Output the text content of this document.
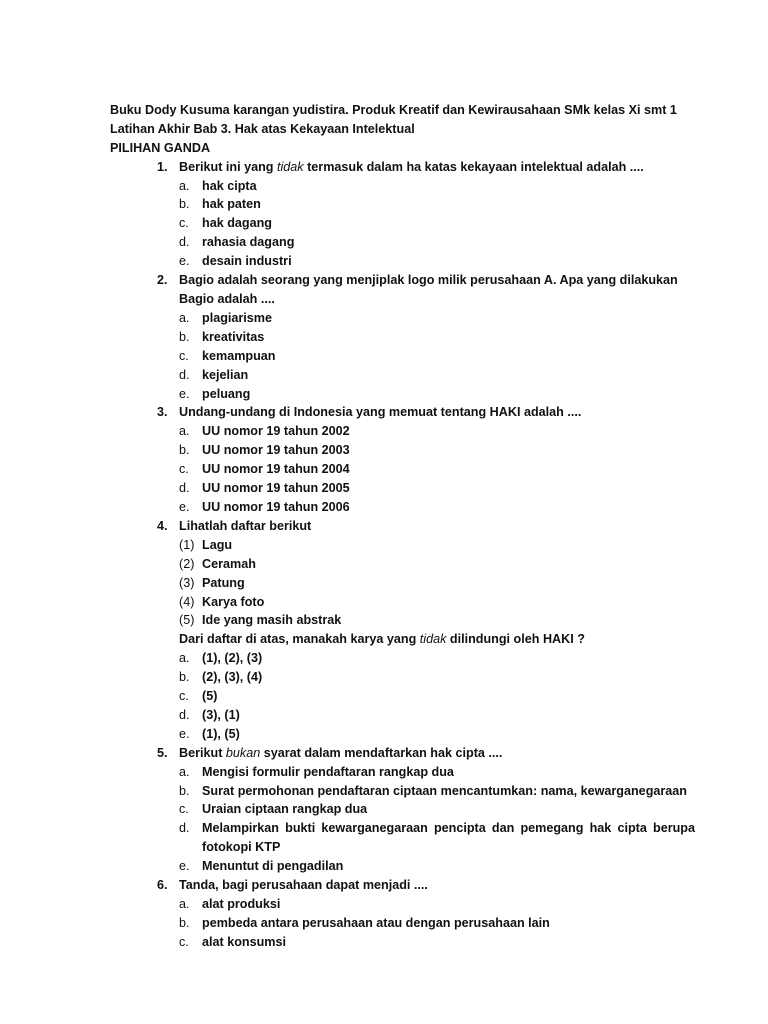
Buku Dody Kusuma karangan yudistira. Produk Kreatif dan Kewirausahaan SMk kelas Xi smt 1
Latihan Akhir Bab 3. Hak atas Kekayaan Intelektual
PILIHAN GANDA
1. Berikut ini yang tidak termasuk dalam ha katas kekayaan intelektual adalah ....
a. hak cipta
b. hak paten
c. hak dagang
d. rahasia dagang
e. desain industri
2. Bagio adalah seorang yang menjiplak logo milik perusahaan A. Apa yang dilakukan Bagio adalah ....
a. plagiarisme
b. kreativitas
c. kemampuan
d. kejelian
e. peluang
3. Undang-undang di Indonesia yang memuat tentang HAKI adalah ....
a. UU nomor 19 tahun 2002
b. UU nomor 19 tahun 2003
c. UU nomor 19 tahun 2004
d. UU nomor 19 tahun 2005
e. UU nomor 19 tahun 2006
4. Lihatlah daftar berikut
(1) Lagu
(2) Ceramah
(3) Patung
(4) Karya foto
(5) Ide yang masih abstrak
Dari daftar di atas, manakah karya yang tidak dilindungi oleh HAKI ?
a. (1), (2), (3)
b. (2), (3), (4)
c. (5)
d. (3), (1)
e. (1), (5)
5. Berikut bukan syarat dalam mendaftarkan hak cipta ....
a. Mengisi formulir pendaftaran rangkap dua
b. Surat permohonan pendaftaran ciptaan mencantumkan: nama, kewarganegaraan
c. Uraian ciptaan rangkap dua
d. Melampirkan bukti kewarganegaraan pencipta dan pemegang hak cipta berupa fotokopi KTP
e. Menuntut di pengadilan
6. Tanda, bagi perusahaan dapat menjadi ....
a. alat produksi
b. pembeda antara perusahaan atau dengan perusahaan lain
c. alat konsumsi
